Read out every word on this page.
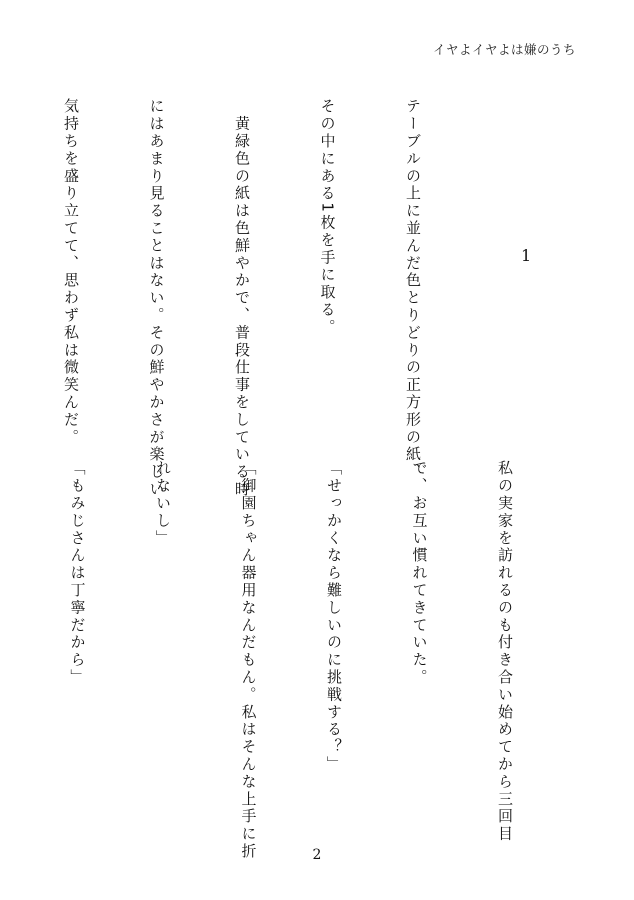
イヤよイヤよは嫌のうち
1

テーブルの上に並んだ色とりどりの正方形の紙、

その中にある1枚を手に取る。

　黄緑色の紙は色鮮やかで、普段仕事をしている時

にはあまり見ることはない。その鮮やかさが楽しい

気持ちを盛り立てて、思わず私は微笑んだ。

私の実家を訪れるのも付き合い始めてから三回目

で、お互い慣れてきていた。

「せっかくなら難しいのに挑戦する？」

「御園ちゃん器用なんだもん。私はそんな上手に折

れないし」

「もみじさんは丁寧だから」

2
